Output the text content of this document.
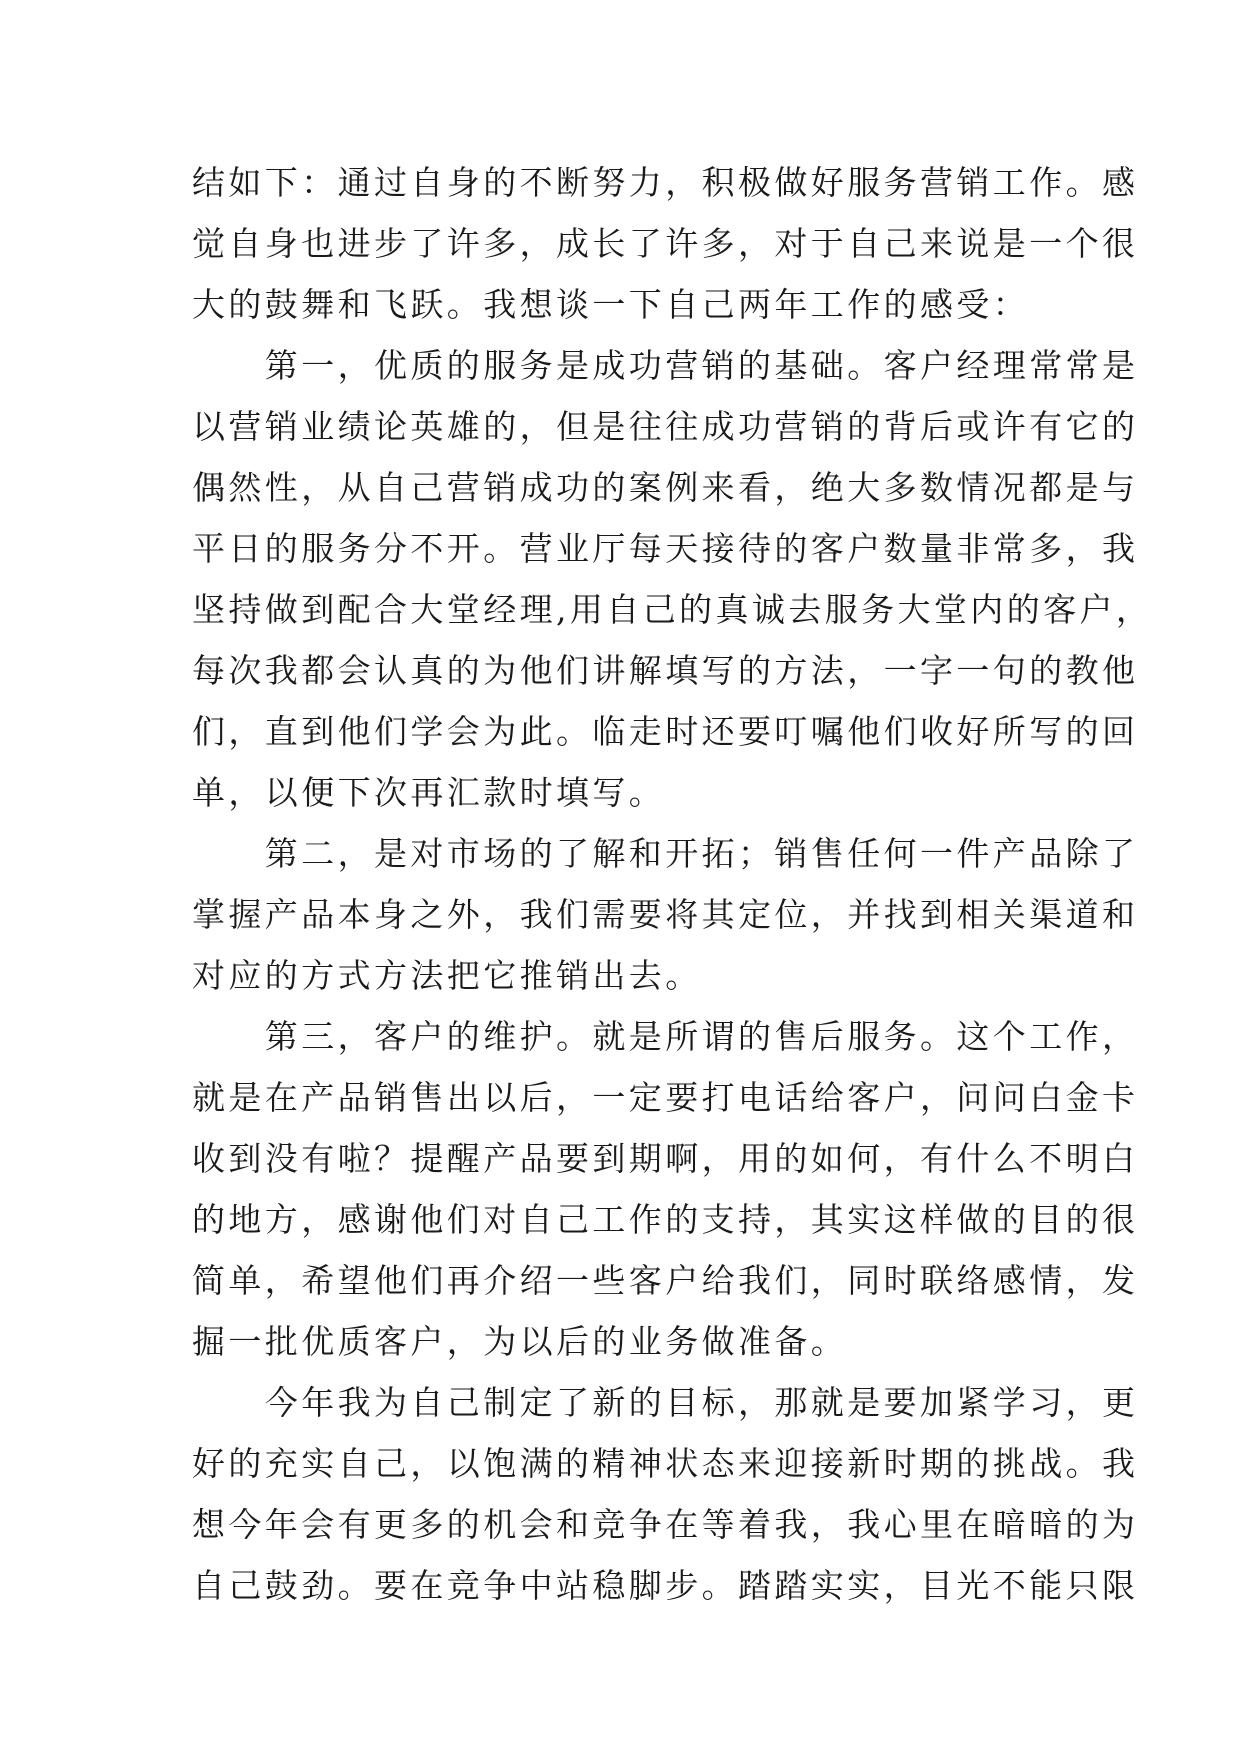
结如下：通过自身的不断努力，积极做好服务营销工作。感
觉自身也进步了许多，成长了许多，对于自己来说是一个很
大的鼓舞和飞跃。我想谈一下自己两年工作的感受：
　　第一，优质的服务是成功营销的基础。客户经理常常是
以营销业绩论英雄的，但是往往成功营销的背后或许有它的
偶然性，从自己营销成功的案例来看，绝大多数情况都是与
平日的服务分不开。营业厅每天接待的客户数量非常多，我
坚持做到配合大堂经理,用自己的真诚去服务大堂内的客户，
每次我都会认真的为他们讲解填写的方法，一字一句的教他
们，直到他们学会为此。临走时还要叮嘱他们收好所写的回
单，以便下次再汇款时填写。
　　第二，是对市场的了解和开拓；销售任何一件产品除了
掌握产品本身之外，我们需要将其定位，并找到相关渠道和
对应的方式方法把它推销出去。
　　第三，客户的维护。就是所谓的售后服务。这个工作，
就是在产品销售出以后，一定要打电话给客户，问问白金卡
收到没有啦？提醒产品要到期啊，用的如何，有什么不明白
的地方，感谢他们对自己工作的支持，其实这样做的目的很
简单，希望他们再介绍一些客户给我们，同时联络感情，发
掘一批优质客户，为以后的业务做准备。
　　今年我为自己制定了新的目标，那就是要加紧学习，更
好的充实自己，以饱满的精神状态来迎接新时期的挑战。我
想今年会有更多的机会和竞争在等着我，我心里在暗暗的为
自己鼓劲。要在竞争中站稳脚步。踏踏实实，目光不能只限
